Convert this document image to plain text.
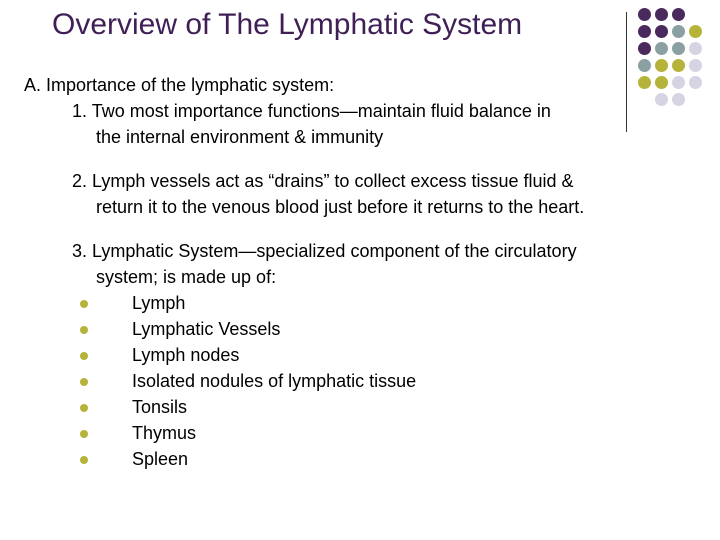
Overview of The Lymphatic System
A. Importance of the lymphatic system:
1. Two most importance functions—maintain fluid balance in
the internal environment & immunity
2. Lymph vessels act as “drains” to collect excess tissue fluid &
return it to the venous blood just before it returns to the heart.
3. Lymphatic System—specialized component of the circulatory
system; is made up of:
Lymph
Lymphatic Vessels
Lymph nodes
Isolated nodules of lymphatic tissue
Tonsils
Thymus
Spleen
